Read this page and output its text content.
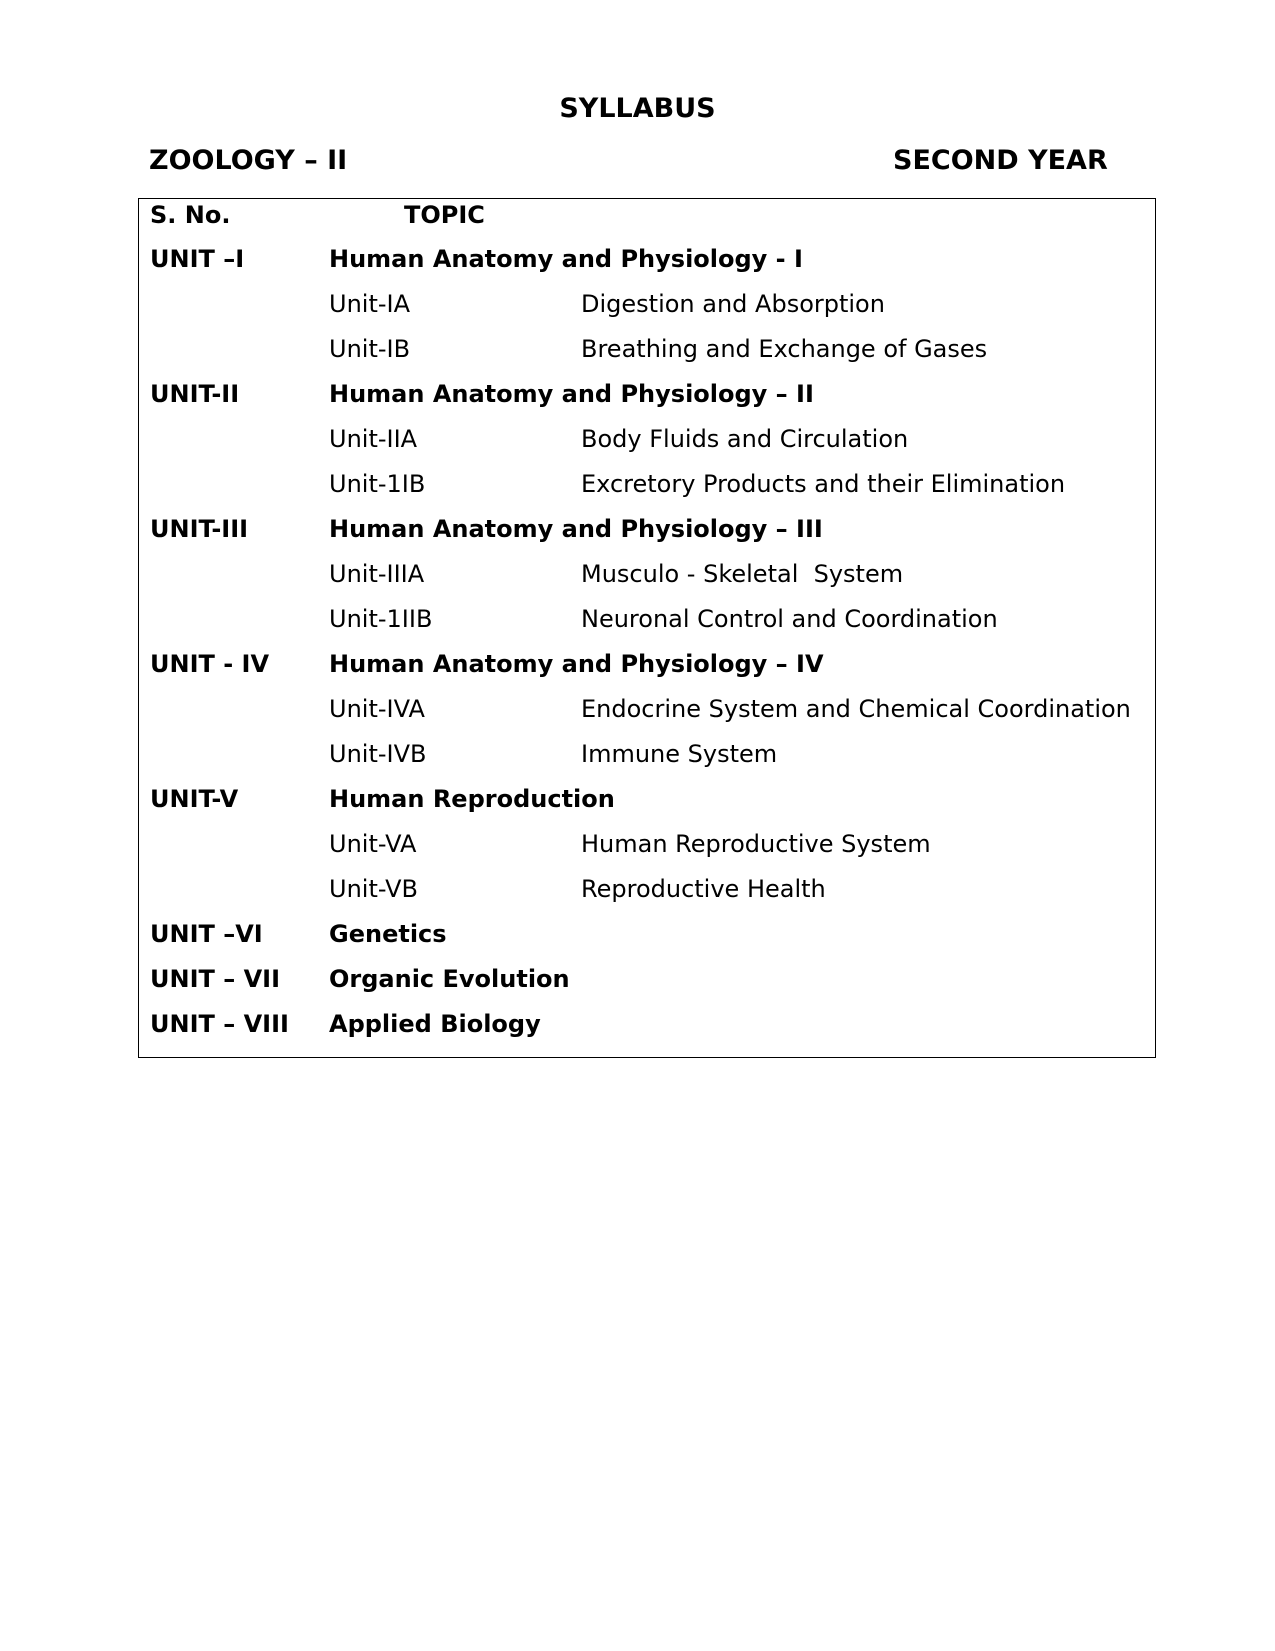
SYLLABUS
ZOOLOGY – II	SECOND YEAR
S. No.	TOPIC
UNIT –I	Human Anatomy and Physiology - I
Unit-IA	Digestion and Absorption
Unit-IB	Breathing and Exchange of Gases
UNIT-II	Human Anatomy and Physiology – II
Unit-IIA	Body Fluids and Circulation
Unit-1IB	Excretory Products and their Elimination
UNIT-III	Human Anatomy and Physiology – III
Unit-IIIA	Musculo - Skeletal  System
Unit-1IIB	Neuronal Control and Coordination
UNIT - IV Human Anatomy and Physiology – IV
Unit-IVA	Endocrine System and Chemical Coordination
Unit-IVB	Immune System
UNIT-V	Human Reproduction
Unit-VA	Human Reproductive System
Unit-VB	Reproductive Health
UNIT –VI	Genetics
UNIT – VII Organic Evolution
UNIT – VIII Applied Biology
